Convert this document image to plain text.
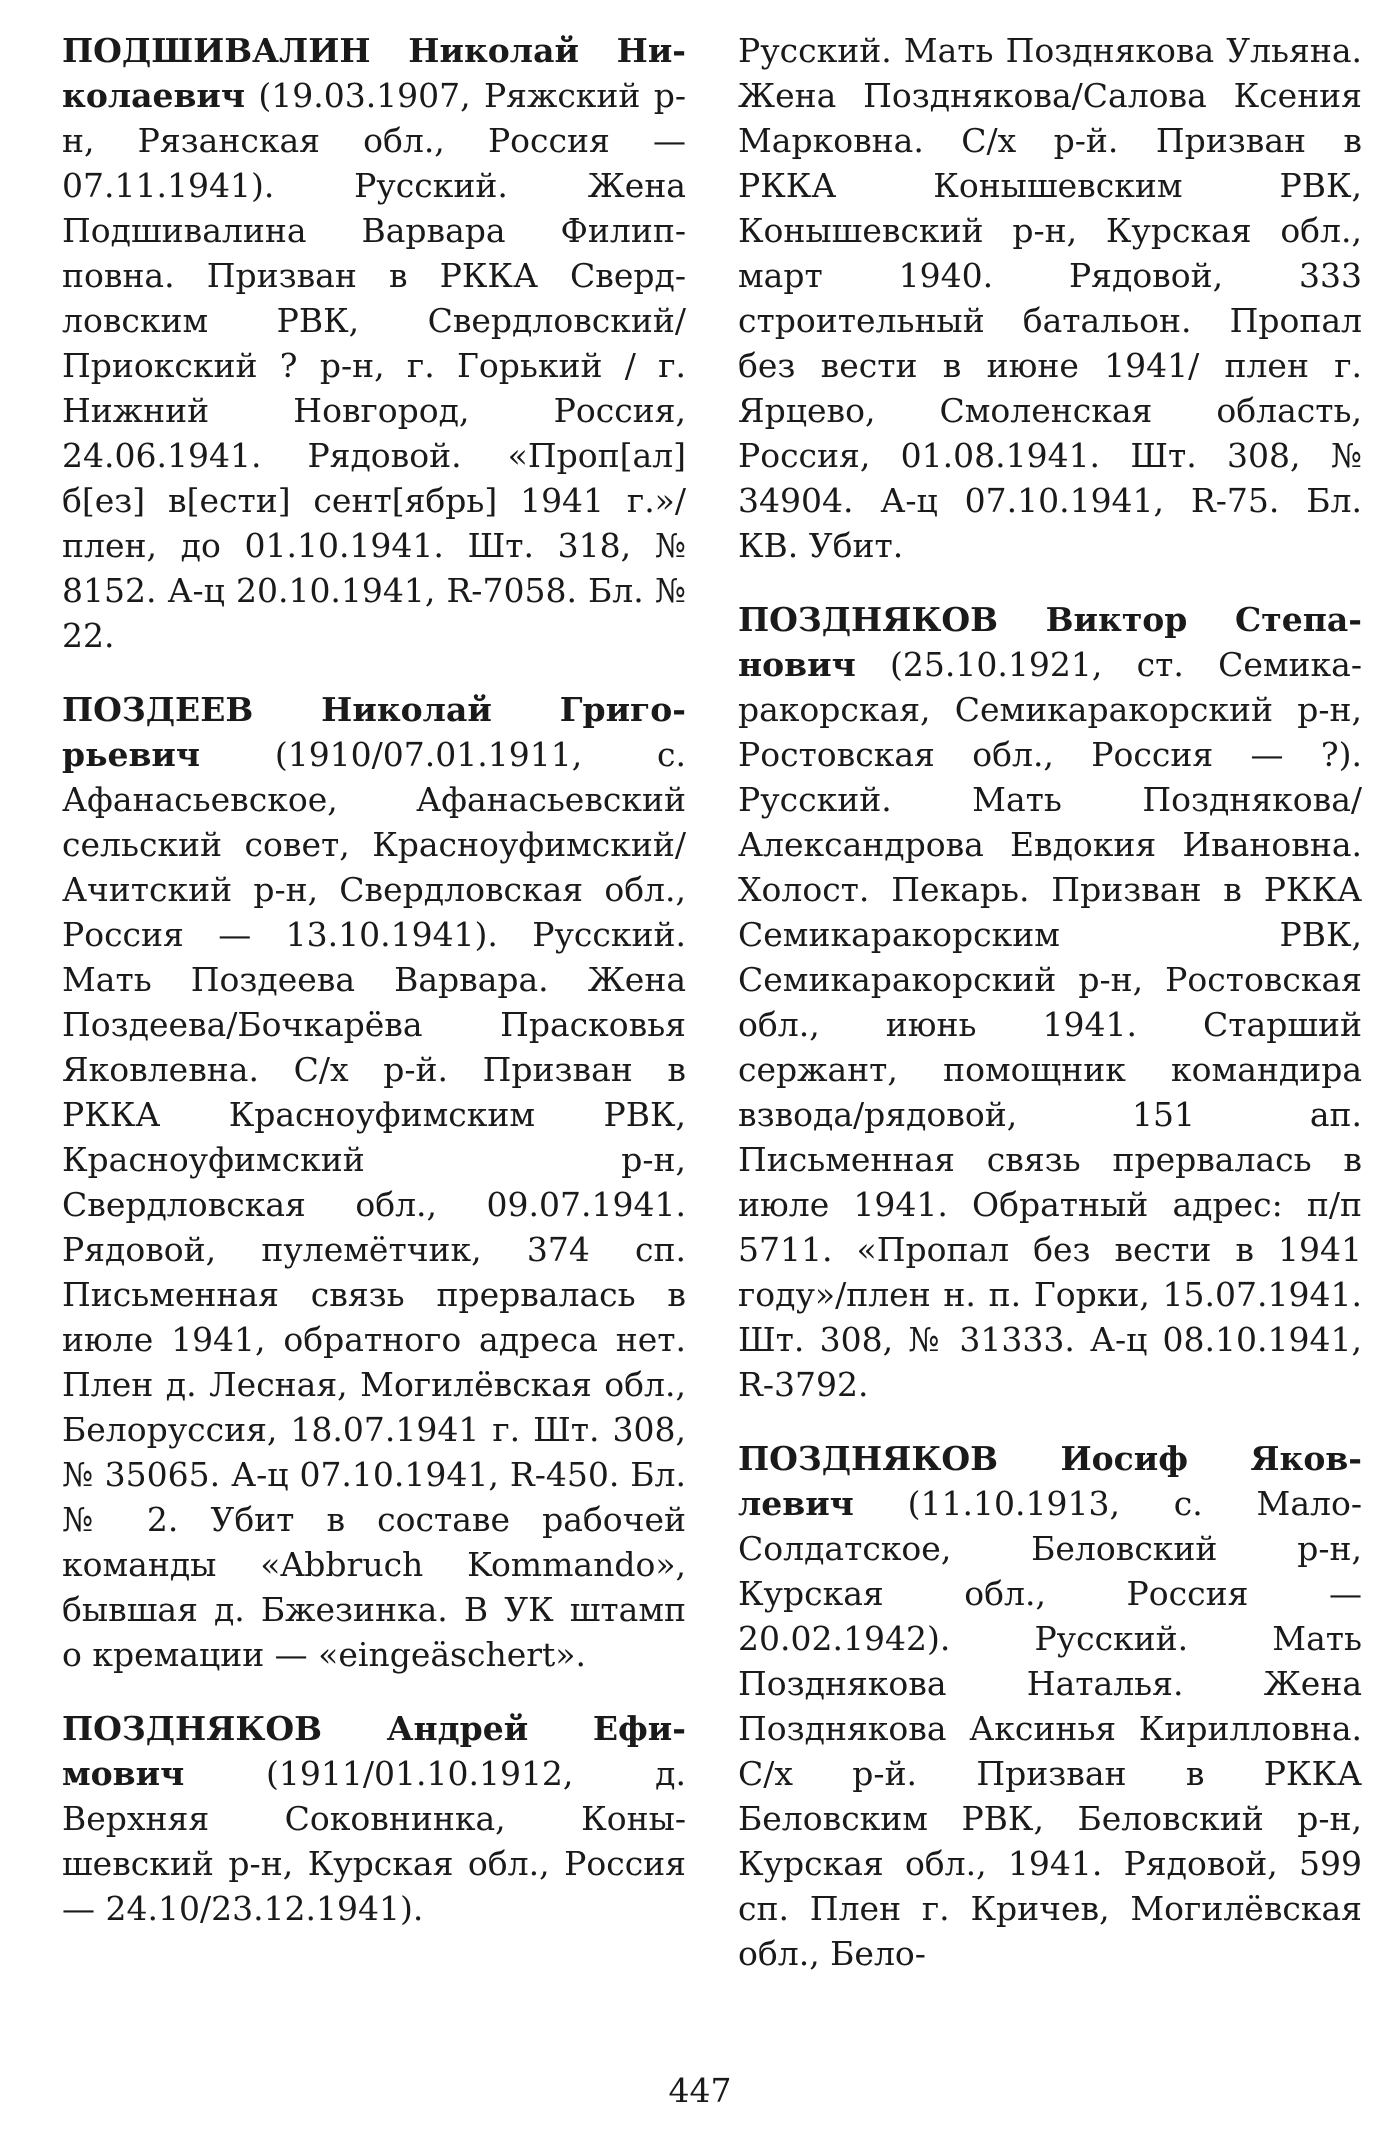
ПОДШИВАЛИН Николай Николаевич (19.03.1907, Ряжский р-н, Рязанская обл., Россия — 07.11.1941). Русский. Жена Подшивалина Варвара Филипповна. Призван в РККА Свердловским РВК, Свердловский/ Приокский ? р-н, г. Горький / г. Нижний Новгород, Россия, 24.06.1941. Рядовой. «Проп[ал] б[ез] в[ести] сент[ябрь] 1941 г.»/ плен, до 01.10.1941. Шт. 318, № 8152. А-ц 20.10.1941, R-7058. Бл. № 22.

ПОЗДЕЕВ Николай Григорьевич (1910/07.01.1911, с. Афанасьевское, Афанасьевский сельский совет, Красноуфимский/Ачитский р-н, Свердловская обл., Россия — 13.10.1941). Русский. Мать Поздеева Варвара. Жена Поздеева/Бочкарёва Прасковья Яковлевна. С/х р-й. Призван в РККА Красноуфимским РВК, Красноуфимский р-н, Свердловская обл., 09.07.1941. Рядовой, пулемётчик, 374 сп. Письменная связь прервалась в июле 1941, обратного адреса нет. Плен д. Лесная, Могилёвская обл., Белоруссия, 18.07.1941 г. Шт. 308, № 35065. А-ц 07.10.1941, R-450. Бл. № 2. Убит в составе рабочей команды «Abbruch Kommando», бывшая д. Бжезинка. В УК штамп о кремации — «eingeäschert».

ПОЗДНЯКОВ Андрей Ефимович (1911/01.10.1912, д. Верхняя Соковнинка, Конышевский р-н, Курская обл., Россия — 24.10/23.12.1941).

Русский. Мать Позднякова Ульяна. Жена Позднякова/Салова Ксения Марковна. С/х р-й. Призван в РККА Конышевским РВК, Конышевский р-н, Курская обл., март 1940. Рядовой, 333 строительный батальон. Пропал без вести в июне 1941/ плен г. Ярцево, Смоленская область, Россия, 01.08.1941. Шт. 308, № 34904. А-ц 07.10.1941, R-75. Бл. КВ. Убит.

ПОЗДНЯКОВ Виктор Степанович (25.10.1921, ст. Семикаракорская, Семикаракорский р-н, Ростовская обл., Россия — ?). Русский. Мать Позднякова/Александрова Евдокия Ивановна. Холост. Пекарь. Призван в РККА Семикаракорским РВК, Семикаракорский р-н, Ростовская обл., июнь 1941. Старший сержант, помощник командира взвода/рядовой, 151 ап. Письменная связь прервалась в июле 1941. Обратный адрес: п/п 5711. «Пропал без вести в 1941 году»/плен н. п. Горки, 15.07.1941. Шт. 308, № 31333. А-ц 08.10.1941, R-3792.

ПОЗДНЯКОВ Иосиф Яковлевич (11.10.1913, с. МалоСолдатское, Беловский р-н, Курская обл., Россия — 20.02.1942). Русский. Мать Позднякова Наталья. Жена Позднякова Аксинья Кирилловна. С/х р-й. Призван в РККА Беловским РВК, Беловский р-н, Курская обл., 1941. Рядовой, 599 сп. Плен г. Кричев, Могилёвская обл., Бело-

447
